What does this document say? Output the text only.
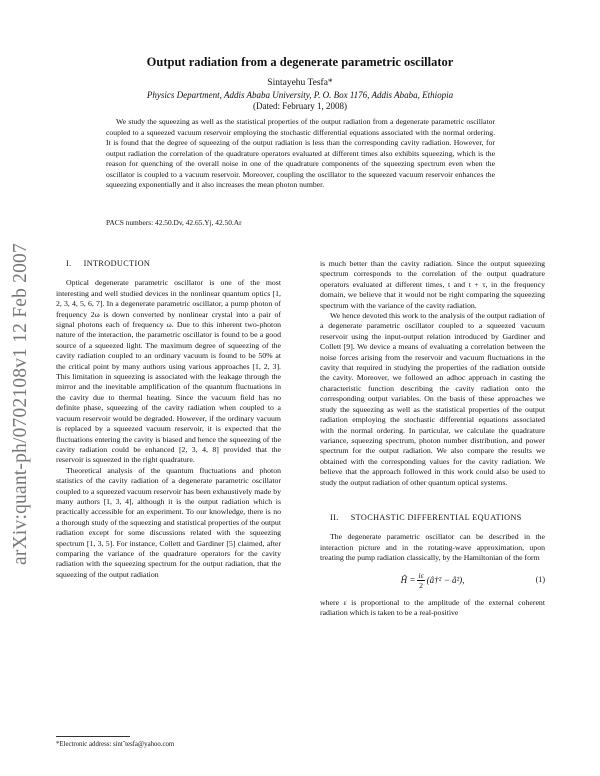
arXiv:quant-ph/0702108v1 12 Feb 2007
Output radiation from a degenerate parametric oscillator
Sintayehu Tesfa*
Physics Department, Addis Ababa University, P. O. Box 1176, Addis Ababa, Ethiopia
(Dated: February 1, 2008)

We study the squeezing as well as the statistical properties of the output radiation from a degenerate parametric oscillator coupled to a squeezed vacuum reservoir employing the stochastic differential equations associated with the normal ordering. It is found that the degree of squeezing of the output radiation is less than the corresponding cavity radiation. However, for output radiation the correlation of the quadrature operators evaluated at different times also exhibits squeezing, which is the reason for quenching of the overall noise in one of the quadrature components of the squeezing spectrum even when the oscillator is coupled to a vacuum reservoir. Moreover, coupling the oscillator to the squeezed vacuum reservoir enhances the squeezing exponentially and it also increases the mean photon number.

PACS numbers: 42.50.Dv, 42.65.Yj, 42.50.Ar

I. INTRODUCTION

Optical degenerate parametric oscillator is one of the most interesting and well studied devices in the nonlinear quantum optics [1, 2, 3, 4, 5, 6, 7]. In a degenerate parametric oscillator, a pump photon of frequency 2ω is down converted by nonlinear crystal into a pair of signal photons each of frequency ω. Due to this inherent two-photon nature of the interaction, the parametric oscillator is found to be a good source of a squeezed light. The maximum degree of squeezing of the cavity radiation coupled to an ordinary vacuum is found to be 50% at the critical point by many authors using various approaches [1, 2, 3]. This limitation in squeezing is associated with the leakage through the mirror and the inevitable amplification of the quantum fluctuations in the cavity due to thermal heating. Since the vacuum field has no definite phase, squeezing of the cavity radiation when coupled to a vacuum reservoir would be degraded. However, if the ordinary vacuum is replaced by a squeezed vacuum reservoir, it is expected that the fluctuations entering the cavity is biased and hence the squeezing of the cavity radiation could be enhanced [2, 3, 4, 8] provided that the reservoir is squeezed in the right quadrature.

Theoretical analysis of the quantum fluctuations and photon statistics of the cavity radiation of a degenerate parametric oscillator coupled to a squeezed vacuum reservoir has been exhaustively made by many authors [1, 3, 4], although it is the output radiation which is practically accessible for an experiment. To our knowledge, there is no a thorough study of the squeezing and statistical properties of the output radiation except for some discussions related with the squeezing spectrum [1, 3, 5]. For instance, Collett and Gardiner [5] claimed, after comparing the variance of the quadrature operators for the cavity radiation with the squeezing spectrum for the output radiation, that the squeezing of the output radiation

is much better than the cavity radiation. Since the output squeezing spectrum corresponds to the correlation of the output quadrature operators evaluated at different times, t and t + τ, in the frequency domain, we believe that it would not be right comparing the squeezing spectrum with the variance of the cavity radiation.

We hence devoted this work to the analysis of the output radiation of a degenerate parametric oscillator coupled to a squeezed vacuum reservoir using the input-output relation introduced by Gardiner and Collett [9]. We device a means of evaluating a correlation between the noise forces arising from the reservoir and vacuum fluctuations in the cavity that required in studying the properties of the radiation outside the cavity. Moreover, we followed an adhoc approach in casting the characteristic function describing the cavity radiation onto the corresponding output variables. On the basis of these approaches we study the squeezing as well as the statistical properties of the output radiation employing the stochastic differential equations associated with the normal ordering. In particular, we calculate the quadrature variance, squeezing spectrum, photon number distribution, and power spectrum for the output radiation. We also compare the results we obtained with the corresponding values for the cavity radiation. We believe that the approach followed in this work could also be used to study the output radiation of other quantum optical systems.

II. STOCHASTIC DIFFERENTIAL EQUATIONS

The degenerate parametric oscillator can be described in the interaction picture and in the rotating-wave approximation, upon treating the pump radiation classically, by the Hamiltonian of the form

Ĥ = $\frac{i\varepsilon}{2}$ (â†² − â²),	(1)

where ε is proportional to the amplitude of the external coherent radiation which is taken to be a real-positive

*Electronic address: sint˜tesfa@yahoo.com
